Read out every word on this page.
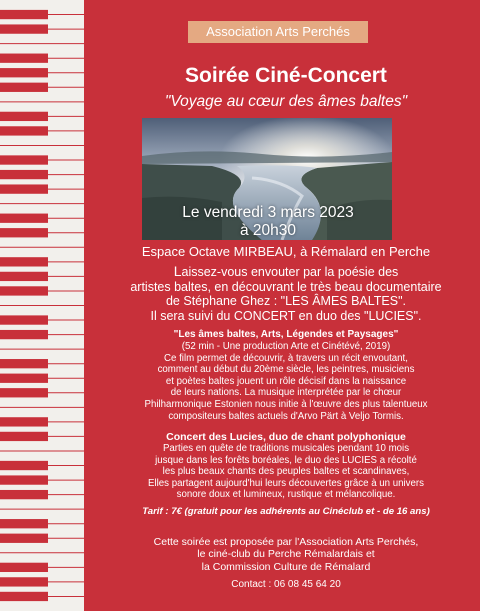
Association Arts Perchés
Soirée Ciné-Concert
"Voyage au cœur des âmes baltes"
Le vendredi 3 mars 2023
à 20h30
Espace Octave MIRBEAU, à Rémalard en Perche
Laissez-vous envouter par la poésie des
artistes baltes, en découvrant le très beau documentaire
de Stéphane Ghez : "LES ÂMES BALTES".
Il sera suivi du CONCERT en duo des "LUCIES".
"Les âmes baltes, Arts, Légendes et Paysages"
(52 min - Une production Arte et Cinétévé, 2019)
Ce film permet de découvrir, à travers un récit envoutant,
comment au début du 20ème siècle, les peintres, musiciens
et poètes baltes jouent un rôle décisif dans la naissance
de leurs nations. La musique interprétée par le chœur
Philharmonique Estonien nous initie à l'œuvre des plus talentueux
compositeurs baltes actuels d'Arvo Pärt à Veljo Tormis.
Concert des Lucies, duo de chant polyphonique
Parties en quête de traditions musicales pendant 10 mois
jusque dans les forêts boréales, le duo des LUCIES a récolté
les plus beaux chants des peuples baltes et scandinaves,
Elles partagent aujourd'hui leurs découvertes grâce à un univers
sonore doux et lumineux, rustique et mélancolique.
Tarif : 7€ (gratuit pour les adhérents au Cinéclub et - de 16 ans)
Cette soirée est proposée par l'Association Arts Perchés,
le ciné-club du Perche Rémalardais et
la Commission Culture de Rémalard
Contact : 06 08 45 64 20
